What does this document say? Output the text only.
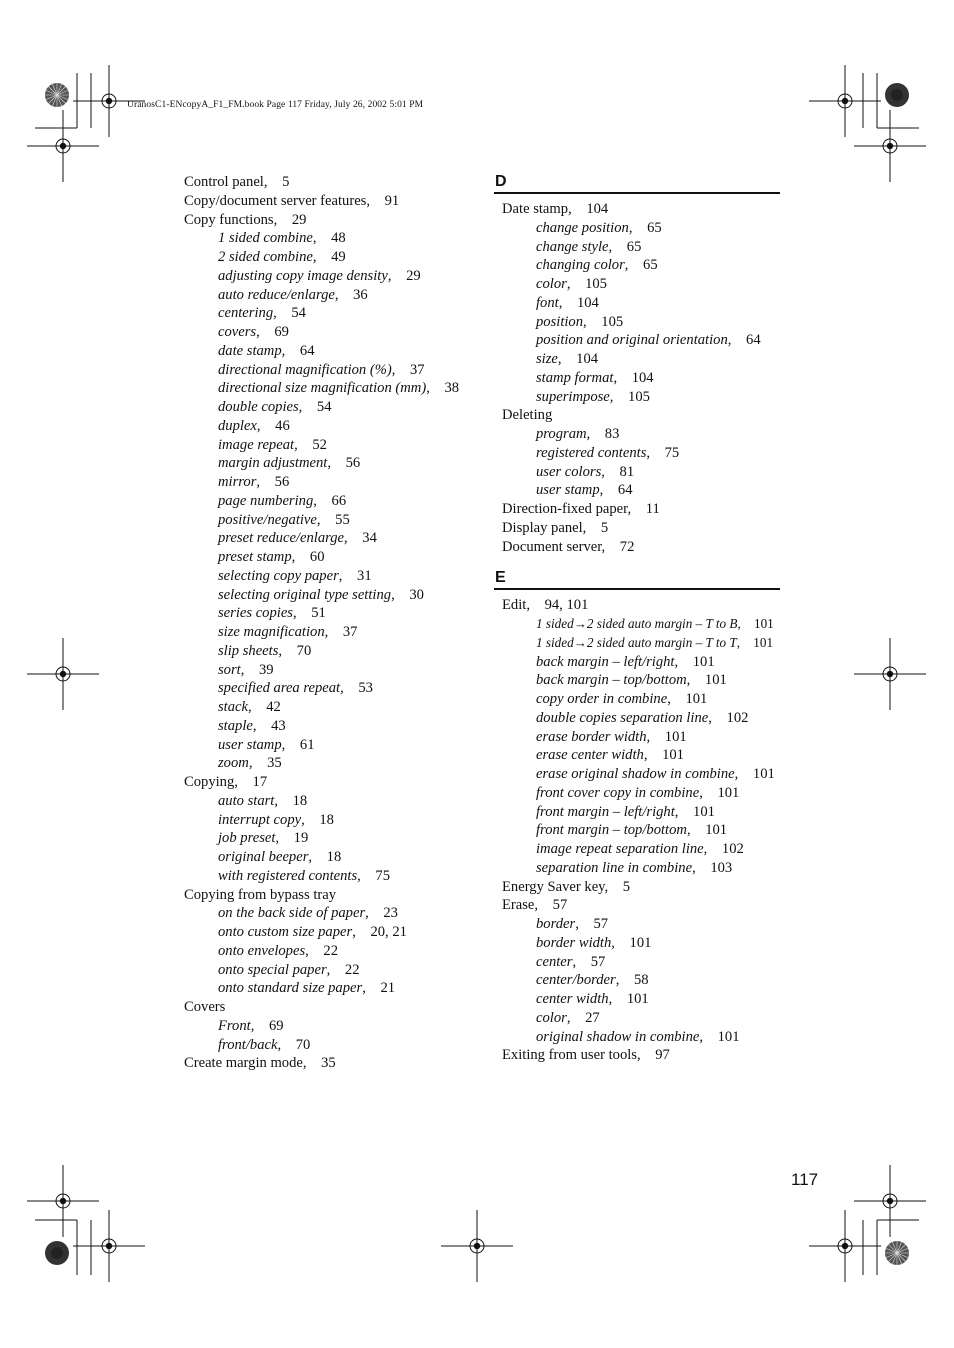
UranosC1-ENcopyA_F1_FM.book Page 117 Friday, July 26, 2002 5:01 PM
Control panel, 5
Copy/document server features, 91
Copy functions, 29
1 sided combine, 48
2 sided combine, 49
adjusting copy image density, 29
auto reduce/enlarge, 36
centering, 54
covers, 69
date stamp, 64
directional magnification (%), 37
directional size magnification (mm), 38
double copies, 54
duplex, 46
image repeat, 52
margin adjustment, 56
mirror, 56
page numbering, 66
positive/negative, 55
preset reduce/enlarge, 34
preset stamp, 60
selecting copy paper, 31
selecting original type setting, 30
series copies, 51
size magnification, 37
slip sheets, 70
sort, 39
specified area repeat, 53
stack, 42
staple, 43
user stamp, 61
zoom, 35
Copying, 17
auto start, 18
interrupt copy, 18
job preset, 19
original beeper, 18
with registered contents, 75
Copying from bypass tray
on the back side of paper, 23
onto custom size paper, 20, 21
onto envelopes, 22
onto special paper, 22
onto standard size paper, 21
Covers
Front, 69
front/back, 70
Create margin mode, 35
D
Date stamp, 104
change position, 65
change style, 65
changing color, 65
color, 105
font, 104
position, 105
position and original orientation, 64
size, 104
stamp format, 104
superimpose, 105
Deleting
program, 83
registered contents, 75
user colors, 81
user stamp, 64
Direction-fixed paper, 11
Display panel, 5
Document server, 72
E
Edit, 94, 101
1 sided→2 sided auto margin – T to B, 101
1 sided→2 sided auto margin – T to T, 101
back margin – left/right, 101
back margin – top/bottom, 101
copy order in combine, 101
double copies separation line, 102
erase border width, 101
erase center width, 101
erase original shadow in combine, 101
front cover copy in combine, 101
front margin – left/right, 101
front margin – top/bottom, 101
image repeat separation line, 102
separation line in combine, 103
Energy Saver key, 5
Erase, 57
border, 57
border width, 101
center, 57
center/border, 58
center width, 101
color, 27
original shadow in combine, 101
Exiting from user tools, 97
117
